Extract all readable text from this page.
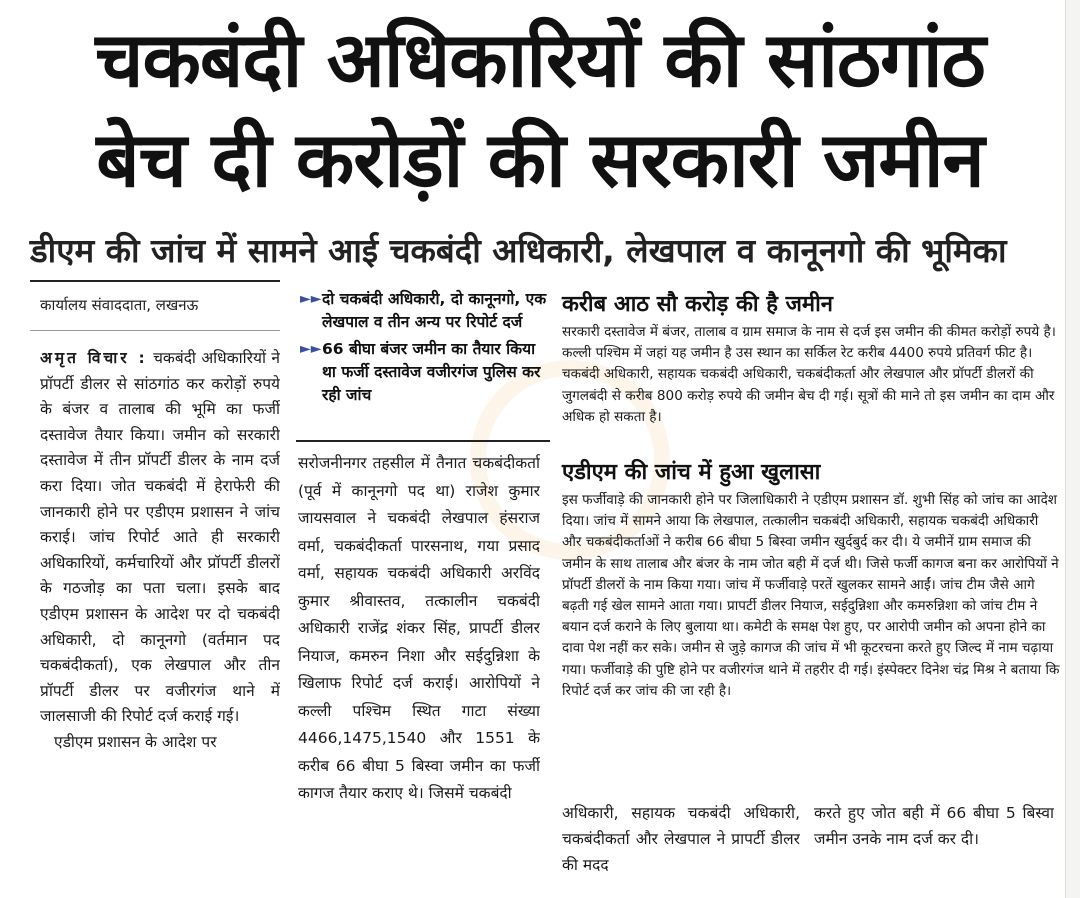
चकबंदी अधिकारियों की सांठगांठ
बेच दी करोड़ों की सरकारी जमीन
डीएम की जांच में सामने आई चकबंदी अधिकारी, लेखपाल व कानूनगो की भूमिका
कार्यालय संवाददाता, लखनऊ

अमृत विचार : चकबंदी अधिकारियों ने प्रॉपर्टी डीलर से सांठगांठ कर करोड़ों रुपये के बंजर व तालाब की भूमि का फर्जी दस्तावेज तैयार किया। जमीन को सरकारी दस्तावेज में तीन प्रॉपर्टी डीलर के नाम दर्ज करा दिया। जोत चकबंदी में हेराफेरी की जानकारी होने पर एडीएम प्रशासन ने जांच कराई। जांच रिपोर्ट आते ही सरकारी अधिकारियों, कर्मचारियों और प्रॉपर्टी डीलरों के गठजोड़ का पता चला। इसके बाद एडीएम प्रशासन के आदेश पर दो चकबंदी अधिकारी, दो कानूनगो (वर्तमान पद चकबंदीकर्ता), एक लेखपाल और तीन प्रॉपर्टी डीलर पर वजीरगंज थाने में जालसाजी की रिपोर्ट दर्ज कराई गई।

एडीएम प्रशासन के आदेश पर

►► दो चकबंदी अधिकारी, दो कानूनगो, एक लेखपाल व तीन अन्य पर रिपोर्ट दर्ज
►► 66 बीघा बंजर जमीन का तैयार किया था फर्जी दस्तावेज वजीरगंज पुलिस कर रही जांच

सरोजनीनगर तहसील में तैनात चकबंदीकर्ता (पूर्व में कानूनगो पद था) राजेश कुमार जायसवाल ने चकबंदी लेखपाल हंसराज वर्मा, चकबंदीकर्ता पारसनाथ, गया प्रसाद वर्मा, सहायक चकबंदी अधिकारी अरविंद कुमार श्रीवास्तव, तत्कालीन चकबंदी अधिकारी राजेंद्र शंकर सिंह, प्रापर्टी डीलर नियाज, कमरुन निशा और सईदुन्निशा के खिलाफ रिपोर्ट दर्ज कराई। आरोपियों ने कल्ली पश्चिम स्थित गाटा संख्या 4466,1475,1540 और 1551 के करीब 66 बीघा 5 बिस्वा जमीन का फर्जी कागज तैयार कराए थे। जिसमें चकबंदी

करीब आठ सौ करोड़ की है जमीन

सरकारी दस्तावेज में बंजर, तालाब व ग्राम समाज के नाम से दर्ज इस जमीन की कीमत करोड़ों रुपये है। कल्ली पश्चिम में जहां यह जमीन है उस स्थान का सर्किल रेट करीब 4400 रुपये प्रतिवर्ग फीट है। चकबंदी अधिकारी, सहायक चकबंदी अधिकारी, चकबंदीकर्ता और लेखपाल और प्रॉपर्टी डीलरों की जुगलबंदी से करीब 800 करोड़ रुपये की जमीन बेच दी गई। सूत्रों की माने तो इस जमीन का दाम और अधिक हो सकता है।

एडीएम की जांच में हुआ खुलासा

इस फर्जीवाड़े की जानकारी होने पर जिलाधिकारी ने एडीएम प्रशासन डॉ. शुभी सिंह को जांच का आदेश दिया। जांच में सामने आया कि लेखपाल, तत्कालीन चकबंदी अधिकारी, सहायक चकबंदी अधिकारी और चकबंदीकर्ताओं ने करीब 66 बीघा 5 बिस्वा जमीन खुर्दबुर्द कर दी। ये जमीनें ग्राम समाज की जमीन के साथ तालाब और बंजर के नाम जोत बही में दर्ज थी। जिसे फर्जी कागज बना कर आरोपियों ने प्रॉपर्टी डीलरों के नाम किया गया। जांच में फर्जीवाड़े परतें खुलकर सामने आईं। जांच टीम जैसे आगे बढ़ती गई खेल सामने आता गया। प्रापर्टी डीलर नियाज, सईदुन्निशा और कमरुन्निशा को जांच टीम ने बयान दर्ज कराने के लिए बुलाया था। कमेटी के समक्ष पेश हुए, पर आरोपी जमीन को अपना होने का दावा पेश नहीं कर सके। जमीन से जुड़े कागज की जांच में भी कूटरचना करते हुए जिल्द में नाम चढ़ाया गया। फर्जीवाड़े की पुष्टि होने पर वजीरगंज थाने में तहरीर दी गई। इंस्पेक्टर दिनेश चंद्र मिश्र ने बताया कि रिपोर्ट दर्ज कर जांच की जा रही है।

अधिकारी, सहायक चकबंदी अधिकारी, चकबंदीकर्ता और लेखपाल ने प्रापर्टी डीलर की मदद

करते हुए जोत बही में 66 बीघा 5 बिस्वा जमीन उनके नाम दर्ज कर दी।
